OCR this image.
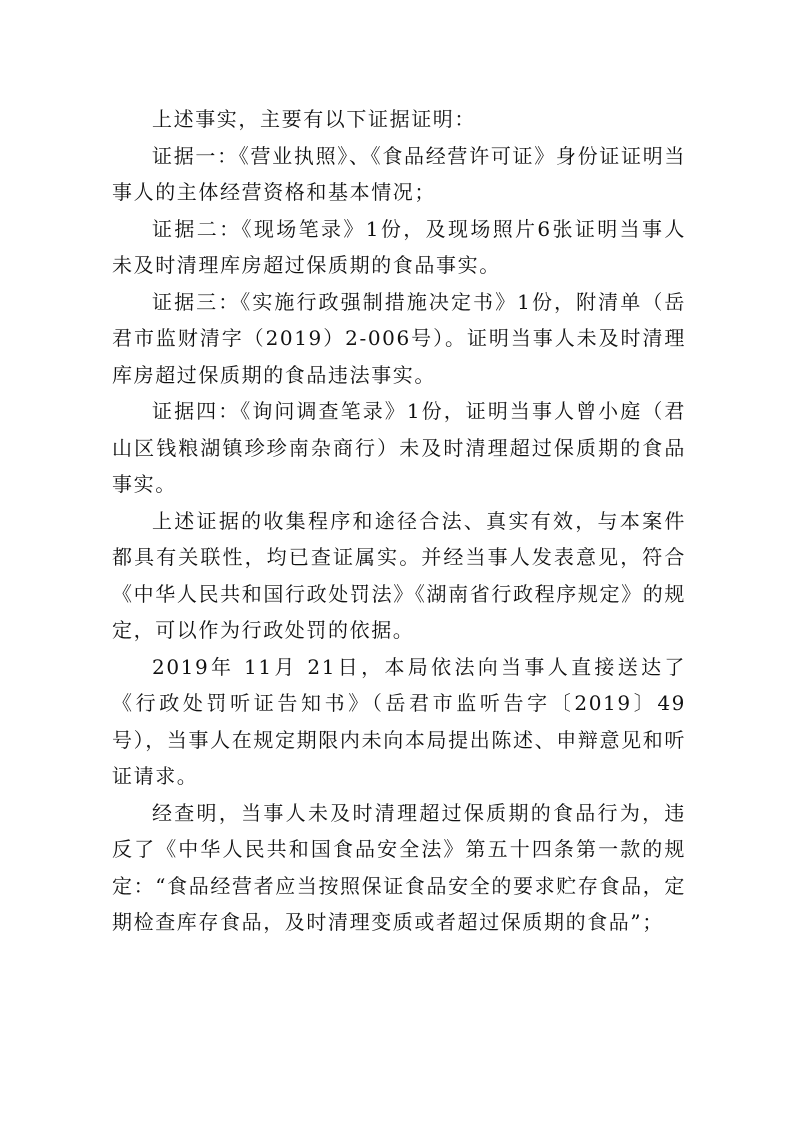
上述事实，主要有以下证据证明：

证据一：《营业执照》、《食品经营许可证》身份证证明当事人的主体经营资格和基本情况；

证据二：《现场笔录》1份，及现场照片6张证明当事人未及时清理库房超过保质期的食品事实。

证据三：《实施行政强制措施决定书》1份，附清单（岳君市监财清字（2019）2-006号）。证明当事人未及时清理库房超过保质期的食品违法事实。

证据四：《询问调查笔录》1份，证明当事人曾小庭（君山区钱粮湖镇珍珍南杂商行）未及时清理超过保质期的食品事实。

上述证据的收集程序和途径合法、真实有效，与本案件都具有关联性，均已查证属实。并经当事人发表意见，符合《中华人民共和国行政处罚法》《湖南省行政程序规定》的规定，可以作为行政处罚的依据。

2019年 11月 21日，本局依法向当事人直接送达了《行政处罚听证告知书》（岳君市监听告字〔2019〕49号），当事人在规定期限内未向本局提出陈述、申辩意见和听证请求。

经查明，当事人未及时清理超过保质期的食品行为，违反了《中华人民共和国食品安全法》第五十四条第一款的规定：“食品经营者应当按照保证食品安全的要求贮存食品，定期检查库存食品，及时清理变质或者超过保质期的食品”；
